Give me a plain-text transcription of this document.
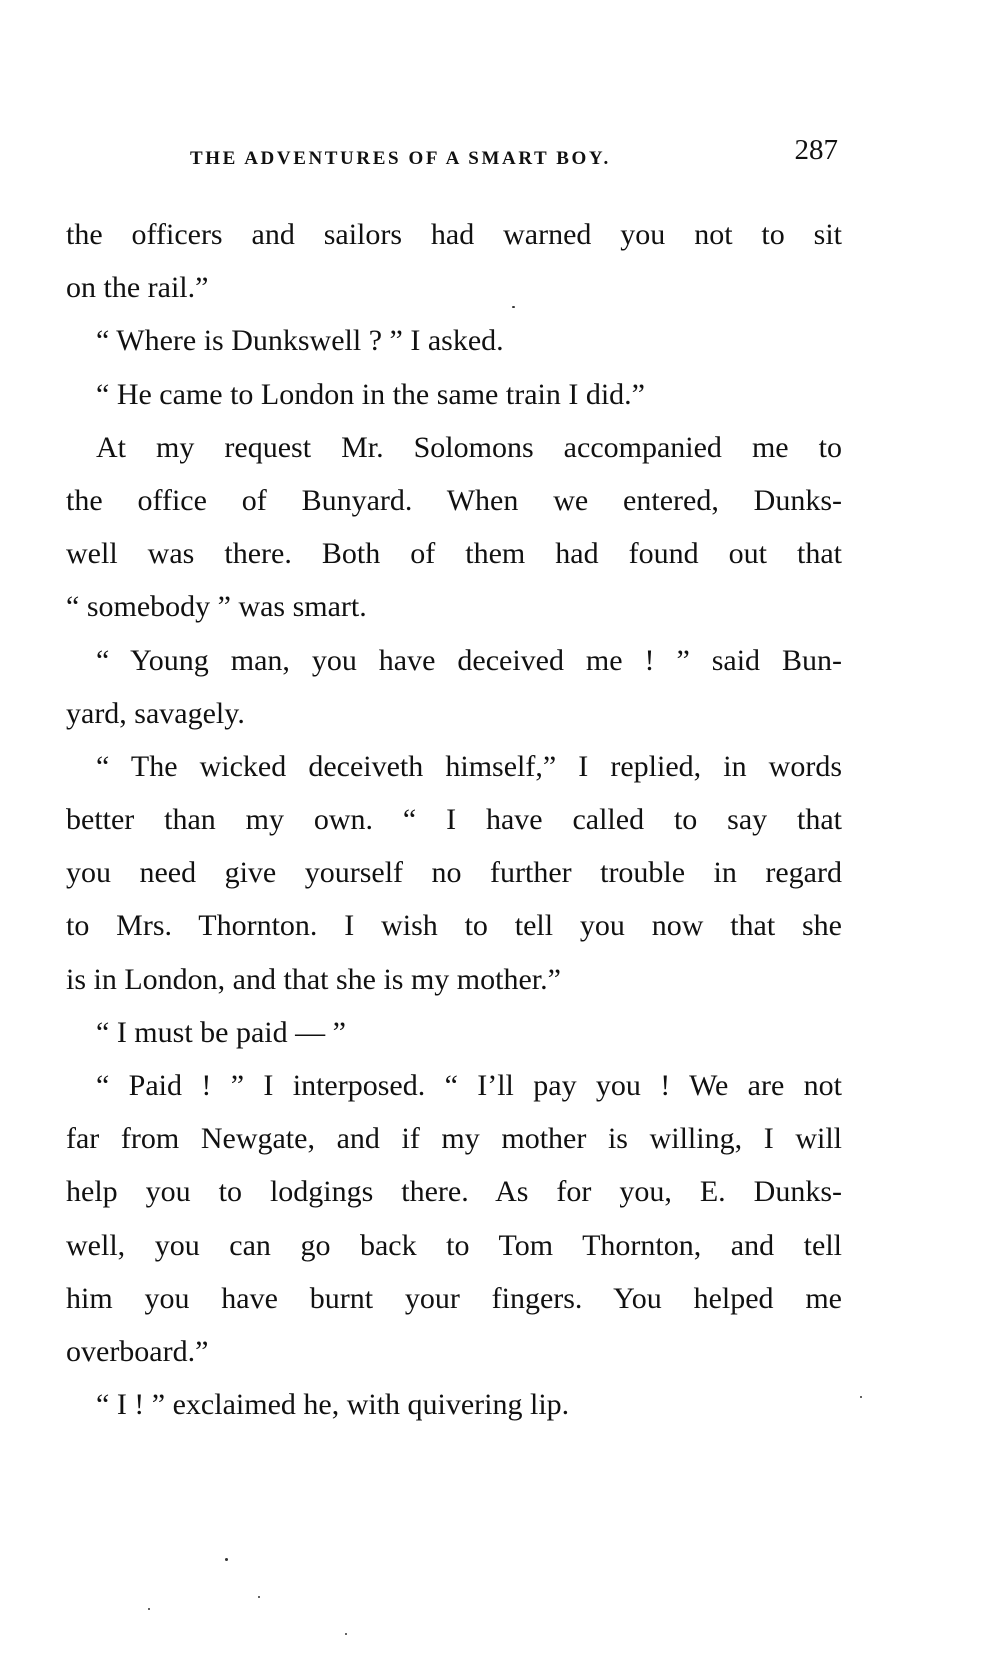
THE ADVENTURES OF A SMART BOY.	287
the officers and sailors had warned you not to sit
on the rail.”
“ Where is Dunkswell ? ” I asked.
“ He came to London in the same train I did.”
At my request Mr. Solomons accompanied me to
the office of Bunyard. When we entered, Dunks-
well was there. Both of them had found out that
“ somebody ” was smart.
“ Young man, you have deceived me ! ” said Bun-
yard, savagely.
“ The wicked deceiveth himself,” I replied, in words
better than my own. “ I have called to say that
you need give yourself no further trouble in regard
to Mrs. Thornton. I wish to tell you now that she
is in London, and that she is my mother.”
“ I must be paid — ”
“ Paid ! ” I interposed. “ I’ll pay you ! We are not
far from Newgate, and if my mother is willing, I will
help you to lodgings there. As for you, E. Dunks-
well, you can go back to Tom Thornton, and tell
him you have burnt your fingers. You helped me
overboard.”
“ I ! ” exclaimed he, with quivering lip.
